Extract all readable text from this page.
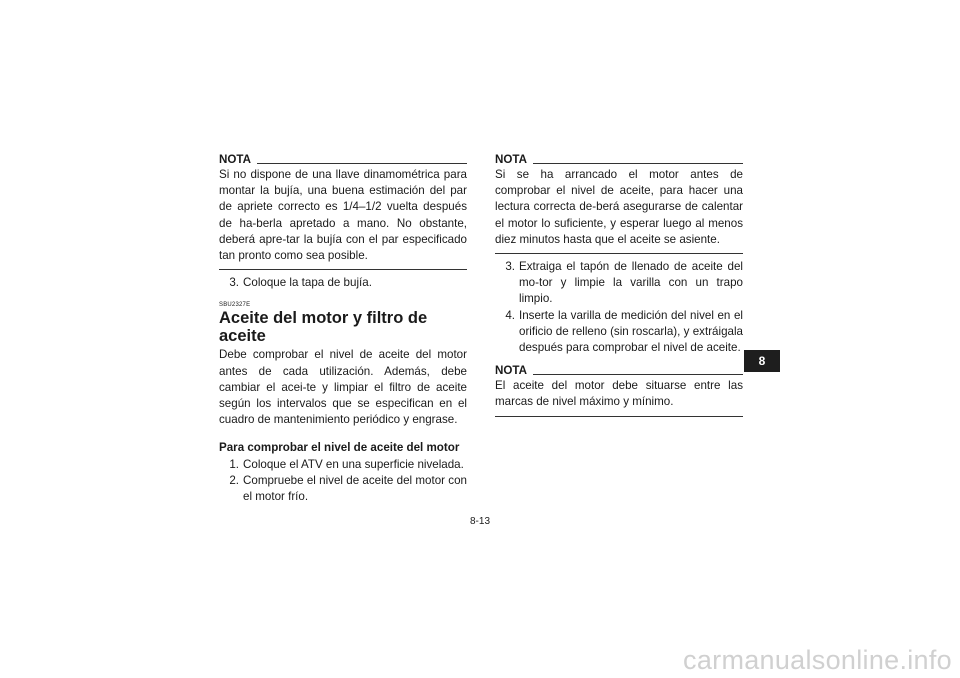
NOTA

Si no dispone de una llave dinamométrica para montar la bujía, una buena estimación del par de apriete correcto es 1/4–1/2 vuelta después de ha-berla apretado a mano. No obstante, deberá apre-tar la bujía con el par especificado tan pronto como sea posible.

3. Coloque la tapa de bujía.
SBU2327E
Aceite del motor y filtro de aceite

Debe comprobar el nivel de aceite del motor antes de cada utilización. Además, debe cambiar el acei-te y limpiar el filtro de aceite según los intervalos que se especifican en el cuadro de mantenimiento periódico y engrase.

Para comprobar el nivel de aceite del motor

1. Coloque el ATV en una superficie nivelada.
2. Compruebe el nivel de aceite del motor con el motor frío.
NOTA

Si se ha arrancado el motor antes de comprobar el nivel de aceite, para hacer una lectura correcta de-berá asegurarse de calentar el motor lo suficiente, y esperar luego al menos diez minutos hasta que el aceite se asiente.

3. Extraiga el tapón de llenado de aceite del mo-tor y limpie la varilla con un trapo limpio.
4. Inserte la varilla de medición del nivel en el orificio de relleno (sin roscarla), y extráigala después para comprobar el nivel de aceite.
NOTA

El aceite del motor debe situarse entre las marcas de nivel máximo y mínimo.

8
8-13
carmanualsonline.info
